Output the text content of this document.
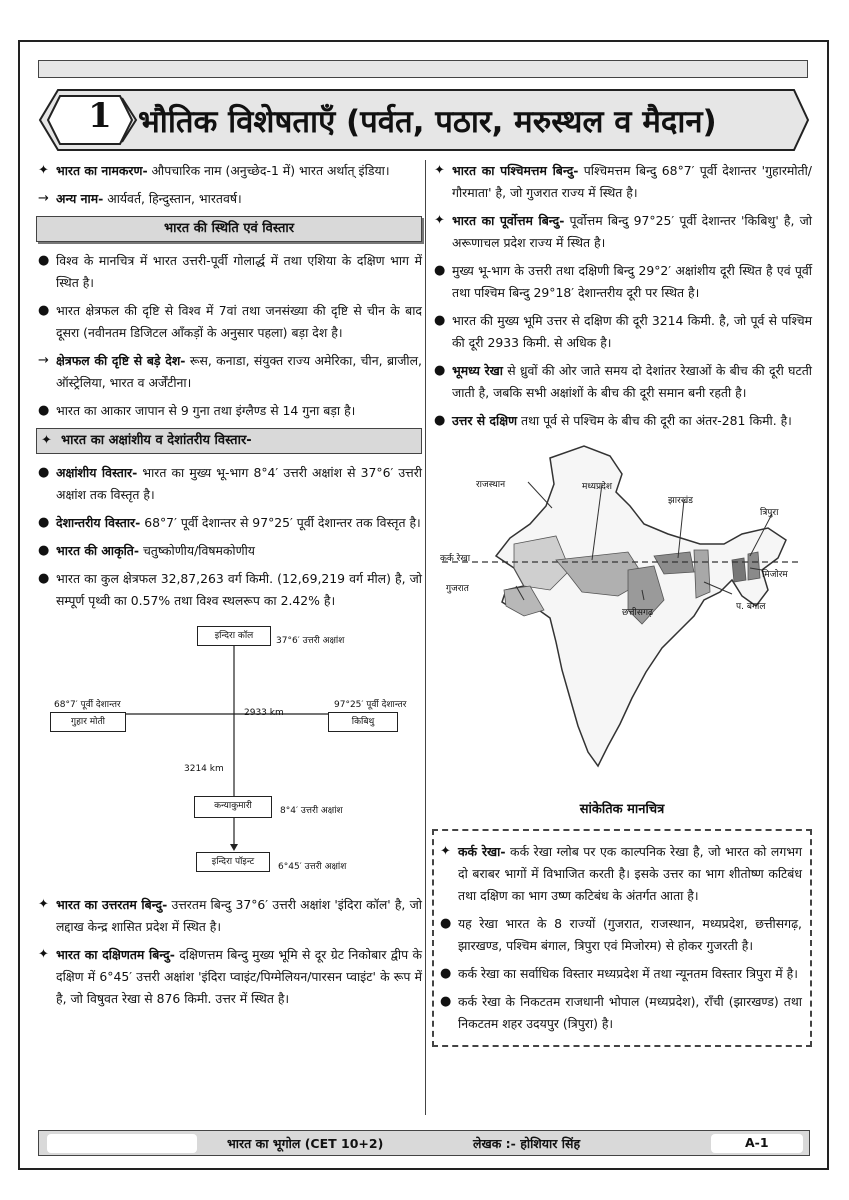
1 भौतिक विशेषताएँ (पर्वत, पठार, मरुस्थल व मैदान)
✦ भारत का नामकरण- औपचारिक नाम (अनुच्छेद-1 में) भारत अर्थात् इंडिया।
→ अन्य नाम- आर्यवर्त, हिन्दुस्तान, भारतवर्ष।
भारत की स्थिति एवं विस्तार
● विश्व के मानचित्र में भारत उत्तरी-पूर्वी गोलार्द्ध में तथा एशिया के दक्षिण भाग में स्थित है।
● भारत क्षेत्रफल की दृष्टि से विश्व में 7वां तथा जनसंख्या की दृष्टि से चीन के बाद दूसरा (नवीनतम डिजिटल आँकड़ों के अनुसार पहला) बड़ा देश है।
→ क्षेत्रफल की दृष्टि से बड़े देश- रूस, कनाडा, संयुक्त राज्य अमेरिका, चीन, ब्राजील, ऑस्ट्रेलिया, भारत व अर्जेंटीना।
● भारत का आकार जापान से 9 गुना तथा इंग्लैण्ड से 14 गुना बड़ा है।
✦ भारत का अक्षांशीय व देशांतरीय विस्तार-
● अक्षांशीय विस्तार- भारत का मुख्य भू-भाग 8°4′ उत्तरी अक्षांश से 37°6′ उत्तरी अक्षांश तक विस्तृत है।
● देशान्तरीय विस्तार- 68°7′ पूर्वी देशान्तर से 97°25′ पूर्वी देशान्तर तक विस्तृत है।
● भारत की आकृति- चतुष्कोणीय/विषमकोणीय
● भारत का कुल क्षेत्रफल 32,87,263 वर्ग किमी. (12,69,219 वर्ग मील) है, जो सम्पूर्ण पृथ्वी का 0.57% तथा विश्व स्थलरूप का 2.42% है।
इन्दिरा कॉल	37°6′ उत्तरी अक्षांश
68°7′ पूर्वी देशान्तर
गुहार मोती
97°25′ पूर्वी देशान्तर
किबिथु
2933 km
3214 km
कन्याकुमारी	8°4′ उत्तरी अक्षांश
इन्दिरा पॉइन्ट	6°45′ उत्तरी अक्षांश
✦ भारत का उत्तरतम बिन्दु- उत्तरतम बिन्दु 37°6′ उत्तरी अक्षांश 'इंदिरा कॉल' है, जो लद्दाख केन्द्र शासित प्रदेश में स्थित है।
✦ भारत का दक्षिणतम बिन्दु- दक्षिणत्तम बिन्दु मुख्य भूमि से दूर ग्रेट निकोबार द्वीप के दक्षिण में 6°45′ उत्तरी अक्षांश 'इंदिरा प्वाइंट/पिग्मेलियन/पारसन प्वाइंट' के रूप में है, जो विषुवत रेखा से 876 किमी. उत्तर में स्थित है।
✦ भारत का पश्चिमत्तम बिन्दु- पश्चिमत्तम बिन्दु 68°7′ पूर्वी देशान्तर 'गुहारमोती/गौरमाता' है, जो गुजरात राज्य में स्थित है।
✦ भारत का पूर्वोत्तम बिन्दु- पूर्वोत्तम बिन्दु 97°25′ पूर्वी देशान्तर 'किबिथु' है, जो अरूणाचल प्रदेश राज्य में स्थित है।
● मुख्य भू-भाग के उत्तरी तथा दक्षिणी बिन्दु 29°2′ अक्षांशीय दूरी स्थित है एवं पूर्वी तथा पश्चिम बिन्दु 29°18′ देशान्तरीय दूरी पर स्थित है।
● भारत की मुख्य भूमि उत्तर से दक्षिण की दूरी 3214 किमी. है, जो पूर्व से पश्चिम की दूरी 2933 किमी. से अधिक है।
● भूमध्य रेखा से ध्रुवों की ओर जाते समय दो देशांतर रेखाओं के बीच की दूरी घटती जाती है, जबकि सभी अक्षांशों के बीच की दूरी समान बनी रहती है।
● उत्तर से दक्षिण तथा पूर्व से पश्चिम के बीच की दूरी का अंतर-281 किमी. है।
मध्यप्रदेश
झारखंड
राजस्थान
त्रिपुरा
कर्क रेखा
मिजोरम
गुजरात
छत्तीसगढ़
प. बंगाल
सांकेतिक मानचित्र
✦ कर्क रेखा- कर्क रेखा ग्लोब पर एक काल्पनिक रेखा है, जो भारत को लगभग दो बराबर भागों में विभाजित करती है। इसके उत्तर का भाग शीतोष्ण कटिबंध तथा दक्षिण का भाग उष्ण कटिबंध के अंतर्गत आता है।
● यह रेखा भारत के 8 राज्यों (गुजरात, राजस्थान, मध्यप्रदेश, छत्तीसगढ़, झारखण्ड, पश्चिम बंगाल, त्रिपुरा एवं मिजोरम) से होकर गुजरती है।
● कर्क रेखा का सर्वाधिक विस्तार मध्यप्रदेश में तथा न्यूनतम विस्तार त्रिपुरा में है।
● कर्क रेखा के निकटतम राजधानी भोपाल (मध्यप्रदेश), राँची (झारखण्ड) तथा निकटतम शहर उदयपुर (त्रिपुरा) है।
भारत का भूगोल (CET 10+2)	लेखक :- होशियार सिंह	A-1
